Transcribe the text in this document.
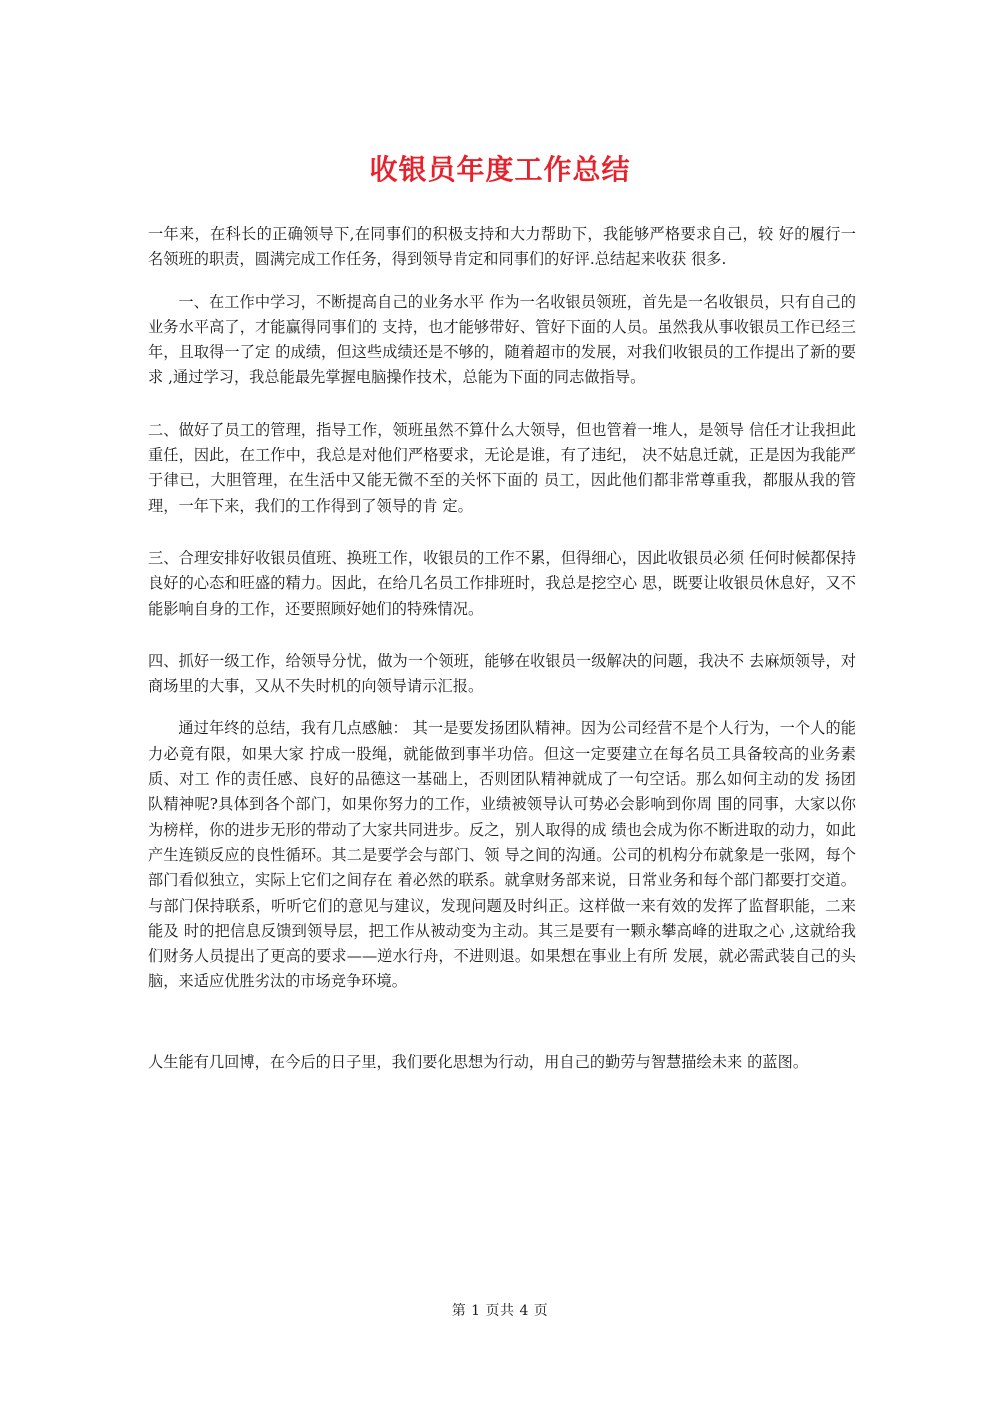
收银员年度工作总结

一年来，在科长的正确领导下,在同事们的积极支持和大力帮助下，我能够严格要求自己，较 好的履行一名领班的职责，圆满完成工作任务，得到领导肯定和同事们的好评.总结起来收获 很多.

一、在工作中学习，不断提高自己的业务水平 作为一名收银员领班，首先是一名收银员，只有自己的业务水平高了，才能赢得同事们的 支持，也才能够带好、管好下面的人员。虽然我从事收银员工作已经三年，且取得一了定 的成绩，但这些成绩还是不够的，随着超市的发展，对我们收银员的工作提出了新的要求 ,通过学习，我总能最先掌握电脑操作技术，总能为下面的同志做指导。

二、做好了员工的管理，指导工作，领班虽然不算什么大领导，但也管着一堆人，是领导 信任才让我担此重任，因此，在工作中，我总是对他们严格要求，无论是谁，有了违纪， 决不姑息迁就，正是因为我能严于律已，大胆管理，在生活中又能无微不至的关怀下面的 员工，因此他们都非常尊重我，都服从我的管理，一年下来，我们的工作得到了领导的肯 定。

三、合理安排好收银员值班、换班工作，收银员的工作不累，但得细心，因此收银员必须 任何时候都保持良好的心态和旺盛的精力。因此，在给几名员工作排班时，我总是挖空心 思，既要让收银员休息好，又不能影响自身的工作，还要照顾好她们的特殊情况。

四、抓好一级工作，给领导分忧，做为一个领班，能够在收银员一级解决的问题，我决不 去麻烦领导，对商场里的大事，又从不失时机的向领导请示汇报。

通过年终的总结，我有几点感触： 其一是要发扬团队精神。因为公司经营不是个人行为，一个人的能力必竟有限，如果大家 拧成一股绳，就能做到事半功倍。但这一定要建立在每名员工具备较高的业务素质、对工 作的责任感、良好的品德这一基础上，否则团队精神就成了一句空话。那么如何主动的发 扬团队精神呢?具体到各个部门，如果你努力的工作，业绩被领导认可势必会影响到你周 围的同事，大家以你为榜样，你的进步无形的带动了大家共同进步。反之，别人取得的成 绩也会成为你不断进取的动力，如此产生连锁反应的良性循环。其二是要学会与部门、领 导之间的沟通。公司的机构分布就象是一张网，每个部门看似独立，实际上它们之间存在 着必然的联系。就拿财务部来说，日常业务和每个部门都要打交道。与部门保持联系，听听它们的意见与建议，发现问题及时纠正。这样做一来有效的发挥了监督职能，二来能及 时的把信息反馈到领导层，把工作从被动变为主动。其三是要有一颗永攀高峰的进取之心 ,这就给我们财务人员提出了更高的要求——逆水行舟，不进则退。如果想在事业上有所 发展，就必需武装自己的头脑，来适应优胜劣汰的市场竞争环境。

人生能有几回博，在今后的日子里，我们要化思想为行动，用自己的勤劳与智慧描绘未来 的蓝图。

第 1 页共 4 页
